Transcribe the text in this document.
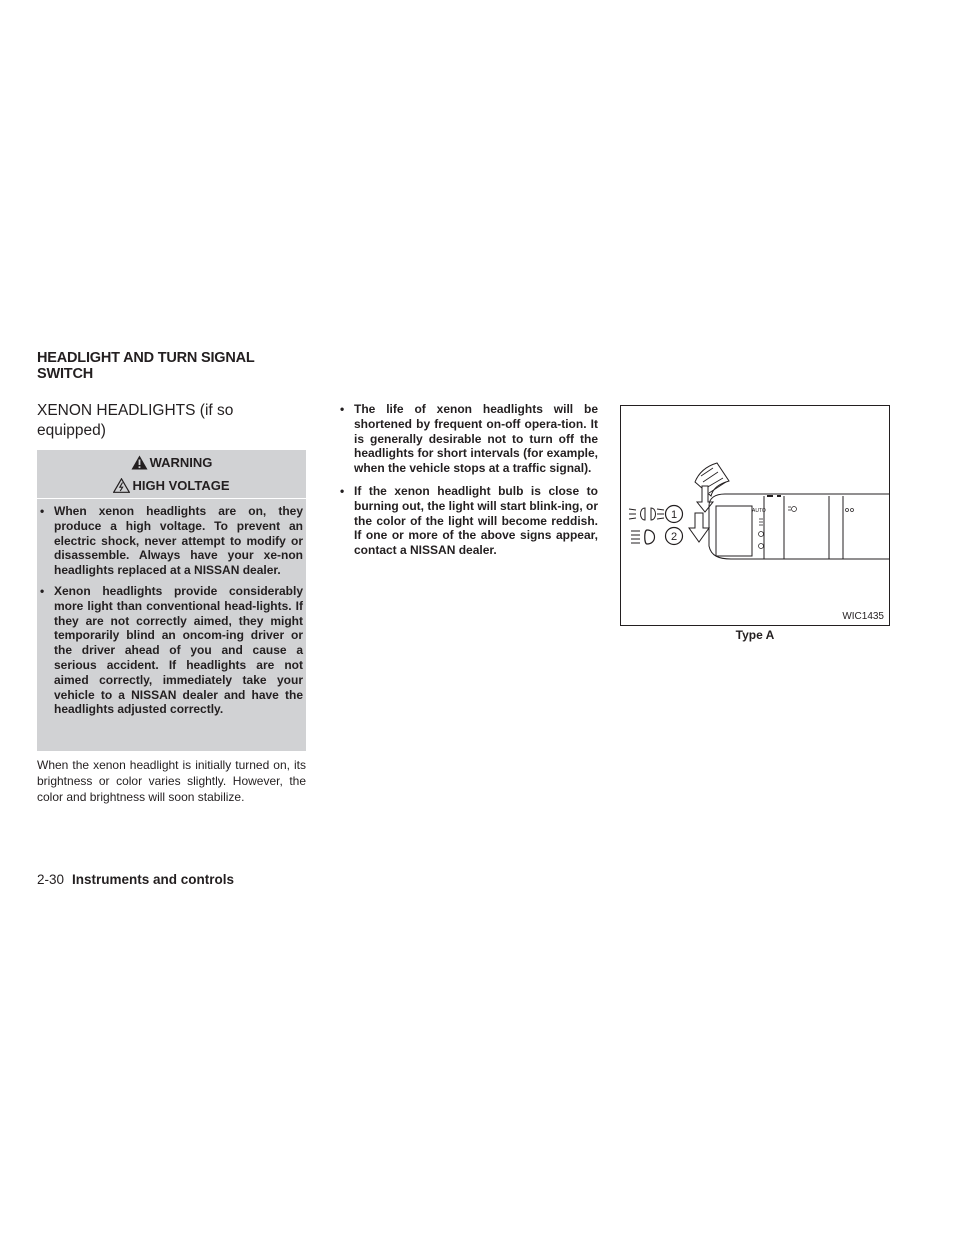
HEADLIGHT AND TURN SIGNAL SWITCH
XENON HEADLIGHTS (if so equipped)
WARNING
HIGH VOLTAGE
• When xenon headlights are on, they produce a high voltage. To prevent an electric shock, never attempt to modify or disassemble. Always have your xe-non headlights replaced at a NISSAN dealer.
• Xenon headlights provide considerably more light than conventional head-lights. If they are not correctly aimed, they might temporarily blind an oncom-ing driver or the driver ahead of you and cause a serious accident. If headlights are not aimed correctly, immediately take your vehicle to a NISSAN dealer and have the headlights adjusted correctly.
When the xenon headlight is initially turned on, its brightness or color varies slightly. However, the color and brightness will soon stabilize.
• The life of xenon headlights will be shortened by frequent on-off opera-tion. It is generally desirable not to turn off the headlights for short intervals (for example, when the vehicle stops at a traffic signal).
• If the xenon headlight bulb is close to burning out, the light will start blink-ing, or the color of the light will become reddish. If one or more of the above signs appear, contact a NISSAN dealer.
1
2
AUTO
WIC1435
Type A
2-30 Instruments and controls
